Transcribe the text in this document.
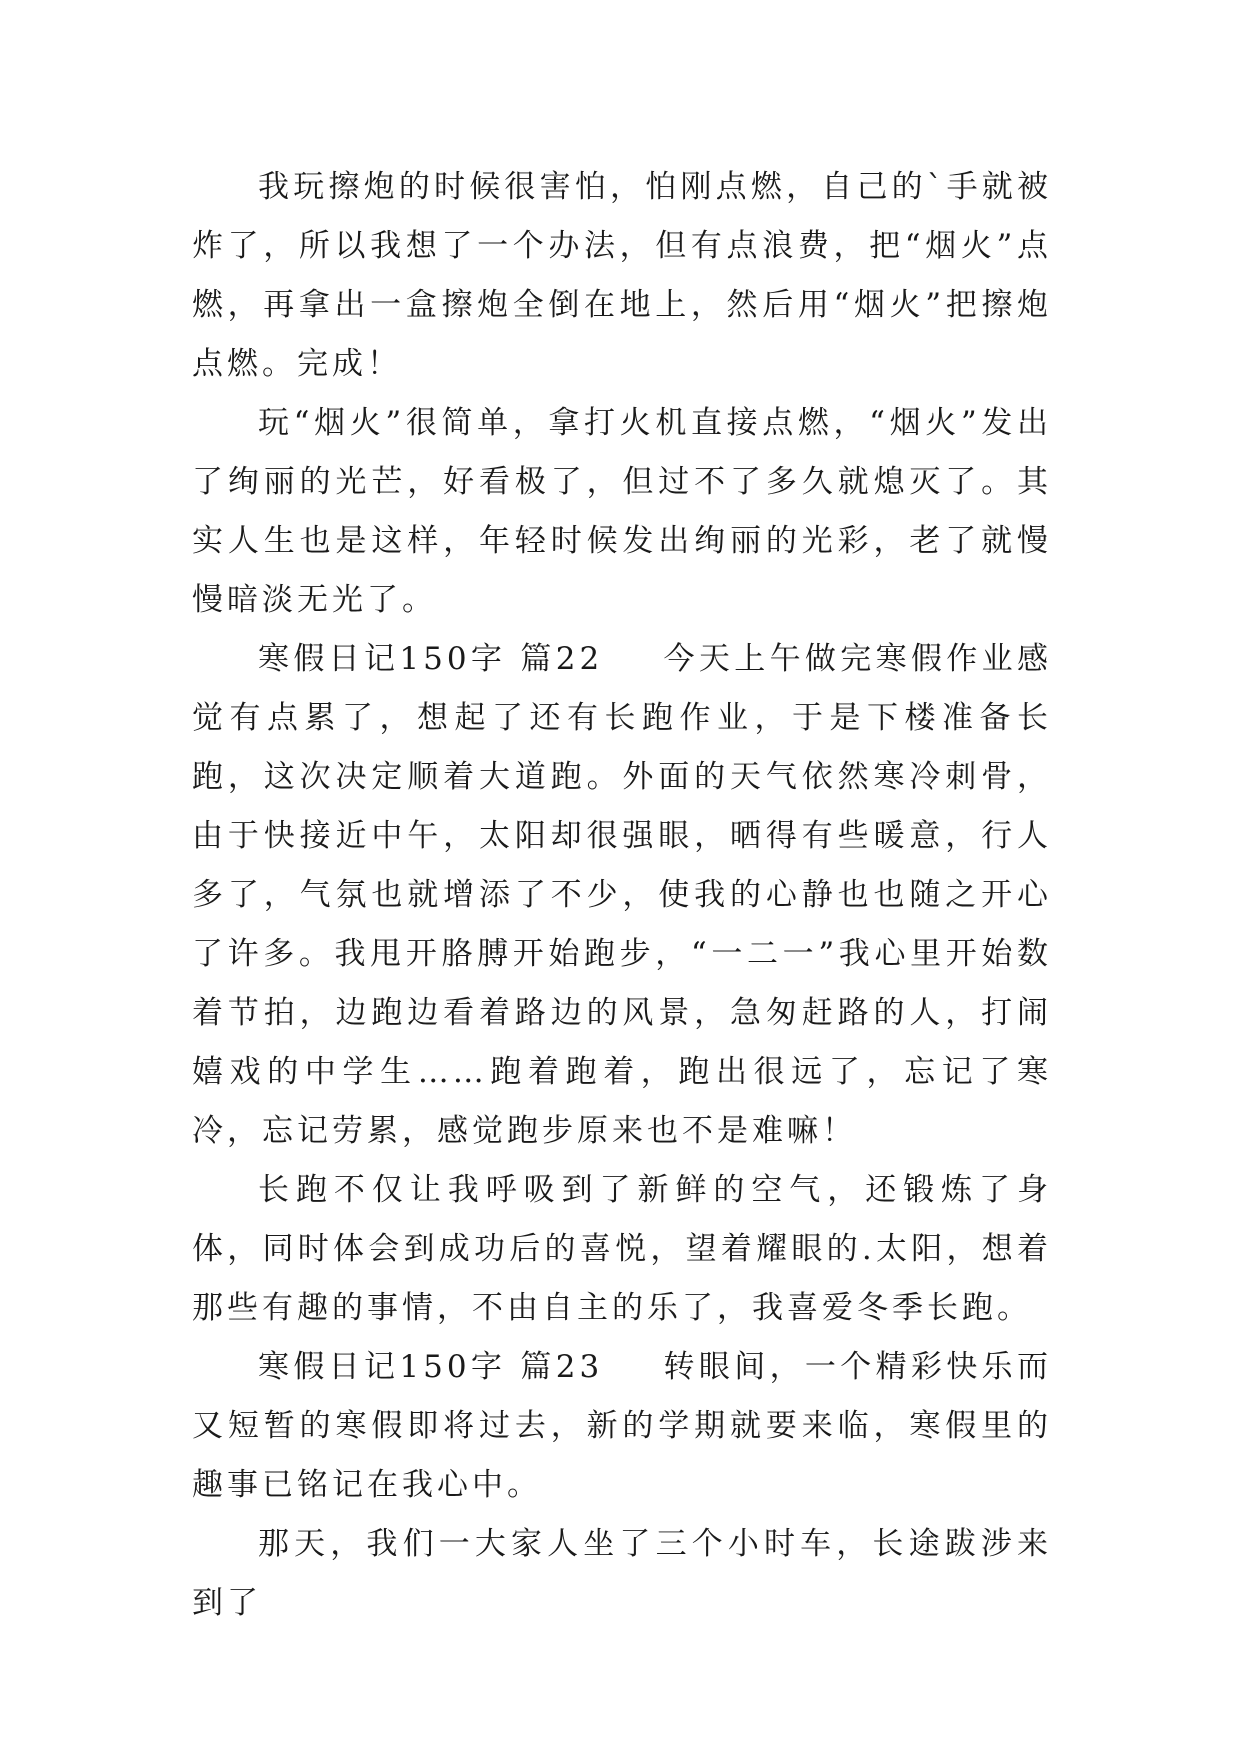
我玩擦炮的时候很害怕，怕刚点燃，自己的`手就被炸了，所以我想了一个办法，但有点浪费，把“烟火”点燃，再拿出一盒擦炮全倒在地上，然后用“烟火”把擦炮点燃。完成！

玩“烟火”很简单，拿打火机直接点燃，“烟火”发出了绚丽的光芒，好看极了，但过不了多久就熄灭了。其实人生也是这样，年轻时候发出绚丽的光彩，老了就慢慢暗淡无光了。

寒假日记150字 篇22 今天上午做完寒假作业感觉有点累了，想起了还有长跑作业，于是下楼准备长跑，这次决定顺着大道跑。外面的天气依然寒冷刺骨，由于快接近中午，太阳却很强眼，晒得有些暖意，行人多了，气氛也就增添了不少，使我的心静也也随之开心了许多。我甩开胳膊开始跑步，“一二一”我心里开始数着节拍，边跑边看着路边的风景，急匆赶路的人，打闹嬉戏的中学生……跑着跑着，跑出很远了，忘记了寒冷，忘记劳累，感觉跑步原来也不是难嘛！

长跑不仅让我呼吸到了新鲜的空气，还锻炼了身体，同时体会到成功后的喜悦，望着耀眼的.太阳，想着那些有趣的事情，不由自主的乐了，我喜爱冬季长跑。

寒假日记150字 篇23 转眼间，一个精彩快乐而又短暂的寒假即将过去，新的学期就要来临，寒假里的趣事已铭记在我心中。

那天，我们一大家人坐了三个小时车，长途跋涉来到了
